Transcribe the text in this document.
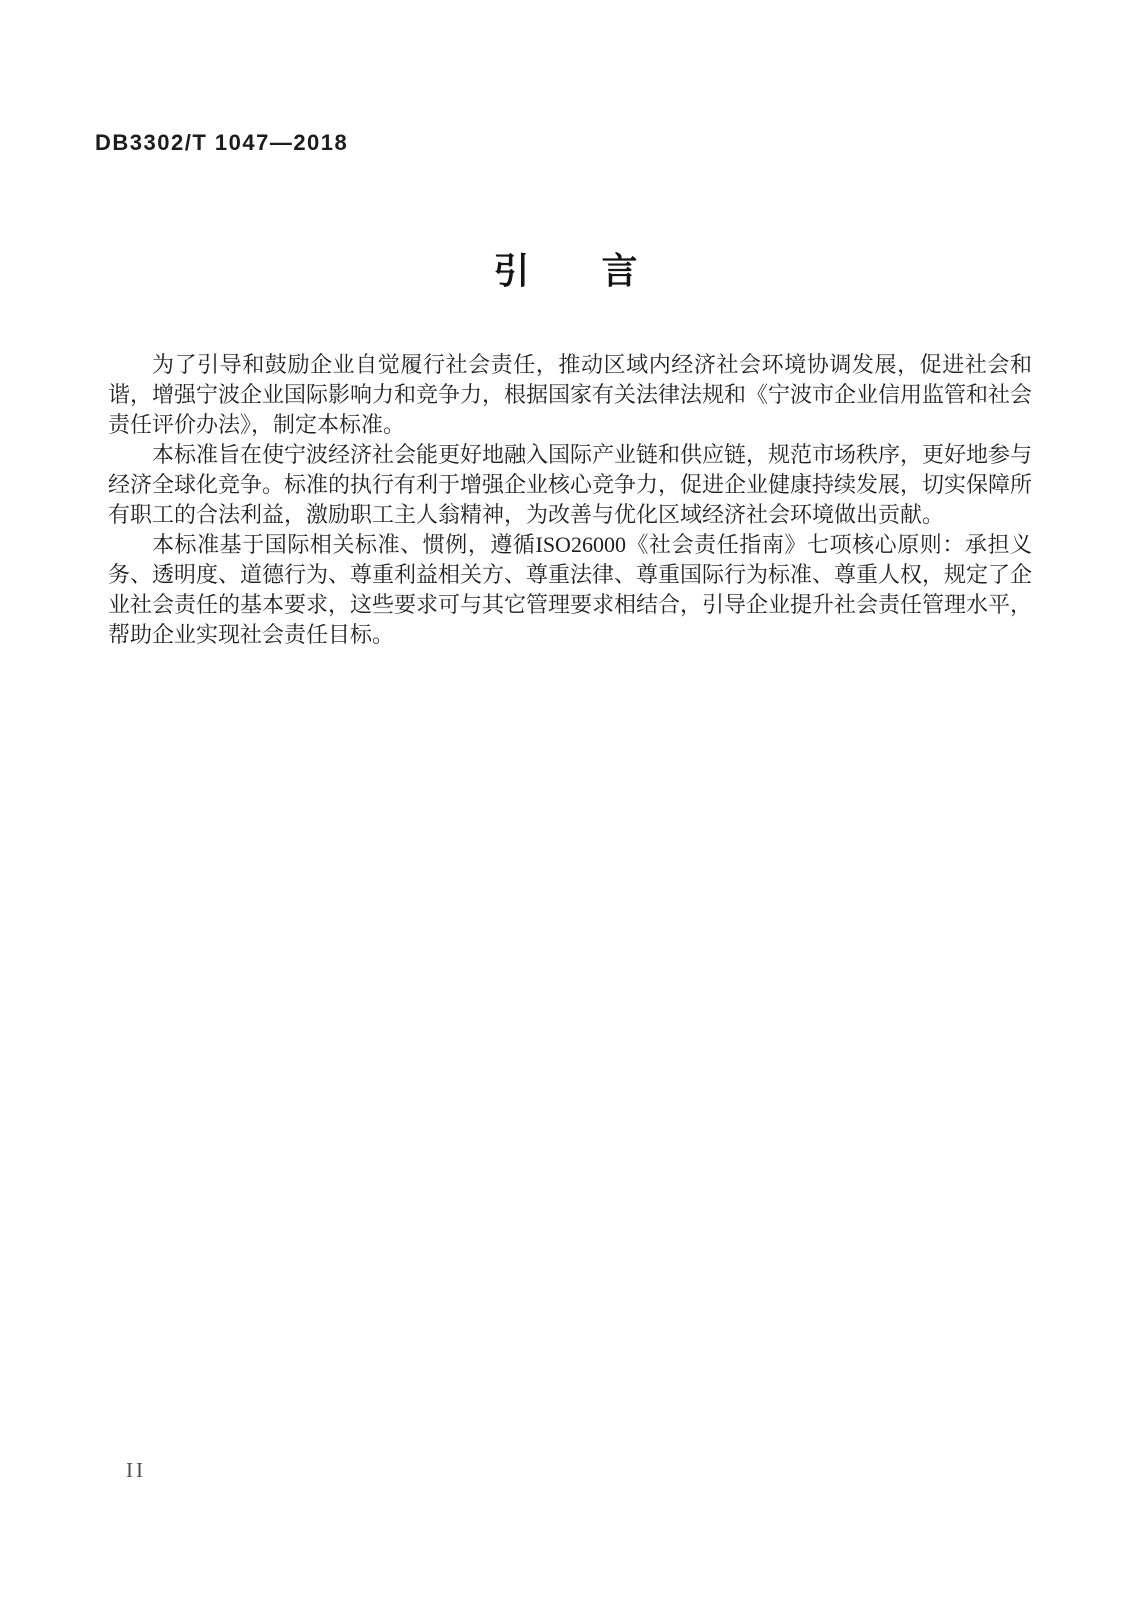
DB3302/T 1047—2018
引　　言

为了引导和鼓励企业自觉履行社会责任，推动区域内经济社会环境协调发展，促进社会和谐，增强宁波企业国际影响力和竞争力，根据国家有关法律法规和《宁波市企业信用监管和社会责任评价办法》，制定本标准。

本标准旨在使宁波经济社会能更好地融入国际产业链和供应链，规范市场秩序，更好地参与经济全球化竞争。标准的执行有利于增强企业核心竞争力，促进企业健康持续发展，切实保障所有职工的合法利益，激励职工主人翁精神，为改善与优化区域经济社会环境做出贡献。

本标准基于国际相关标准、惯例，遵循ISO26000《社会责任指南》七项核心原则：承担义务、透明度、道德行为、尊重利益相关方、尊重法律、尊重国际行为标准、尊重人权，规定了企业社会责任的基本要求，这些要求可与其它管理要求相结合，引导企业提升社会责任管理水平，帮助企业实现社会责任目标。

II
